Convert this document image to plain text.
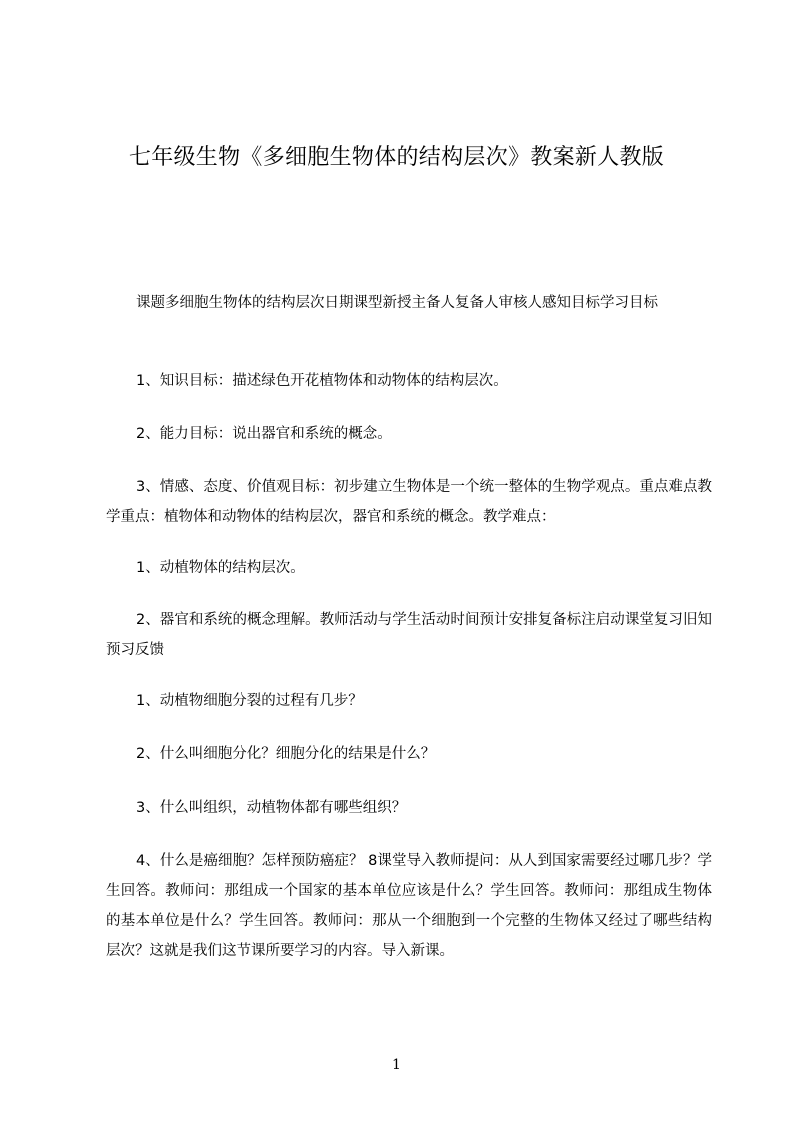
七年级生物《多细胞生物体的结构层次》教案新人教版

课题多细胞生物体的结构层次日期课型新授主备人复备人审核人感知目标学习目标

1、知识目标：描述绿色开花植物体和动物体的结构层次。

2、能力目标：说出器官和系统的概念。

3、情感、态度、价值观目标：初步建立生物体是一个统一整体的生物学观点。重点难点教学重点：植物体和动物体的结构层次，器官和系统的概念。教学难点：

1、动植物体的结构层次。

2、器官和系统的概念理解。教师活动与学生活动时间预计安排复备标注启动课堂复习旧知预习反馈

1、动植物细胞分裂的过程有几步？

2、什么叫细胞分化？细胞分化的结果是什么？

3、什么叫组织，动植物体都有哪些组织？

4、什么是癌细胞？怎样预防癌症？ 8课堂导入教师提问：从人到国家需要经过哪几步？学生回答。教师问：那组成一个国家的基本单位应该是什么？学生回答。教师问：那组成生物体的基本单位是什么？学生回答。教师问：那从一个细胞到一个完整的生物体又经过了哪些结构层次？这就是我们这节课所要学习的内容。导入新课。

1
